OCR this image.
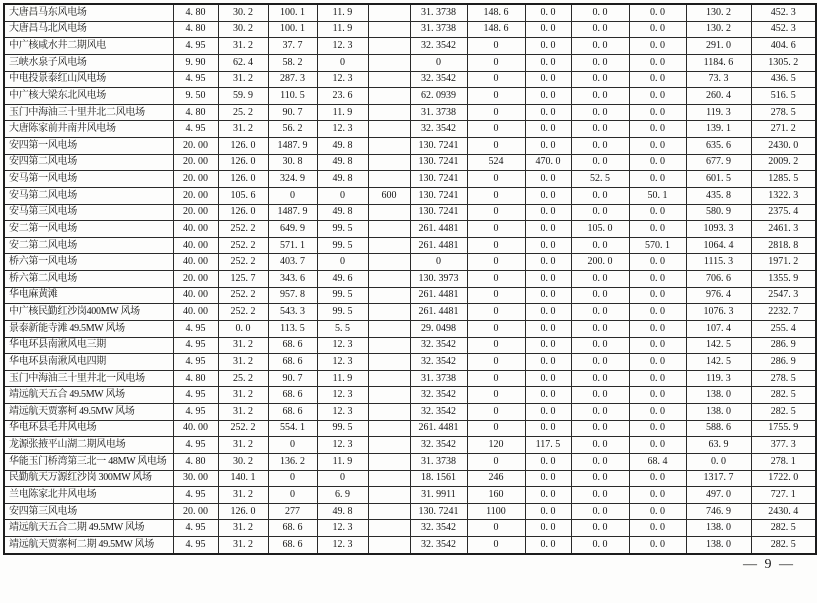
大唐昌马东风电场	4. 80	30. 2	100. 1	11. 9		31. 3738	148. 6	0. 0	0. 0	0. 0	130. 2	452. 3
大唐昌马北风电场	4. 80	30. 2	100. 1	11. 9		31. 3738	148. 6	0. 0	0. 0	0. 0	130. 2	452. 3
中广核咸水井二期风电	4. 95	31. 2	37. 7	12. 3		32. 3542	0	0. 0	0. 0	0. 0	291. 0	404. 6
三峡水泉子风电场	9. 90	62. 4	58. 2	0		0	0	0. 0	0. 0	0. 0	1184. 6	1305. 2
中电投景泰红山风电场	4. 95	31. 2	287. 3	12. 3		32. 3542	0	0. 0	0. 0	0. 0	73. 3	436. 5
中广核大梁东北风电场	9. 50	59. 9	110. 5	23. 6		62. 0939	0	0. 0	0. 0	0. 0	260. 4	516. 5
玉门中海油三十里井北二风电场	4. 80	25. 2	90. 7	11. 9		31. 3738	0	0. 0	0. 0	0. 0	119. 3	278. 5
大唐陈家前井南井风电场	4. 95	31. 2	56. 2	12. 3		32. 3542	0	0. 0	0. 0	0. 0	139. 1	271. 2
安四第一风电场	20. 00	126. 0	1487. 9	49. 8		130. 7241	0	0. 0	0. 0	0. 0	635. 6	2430. 0
安四第二风电场	20. 00	126. 0	30. 8	49. 8		130. 7241	524	470. 0	0. 0	0. 0	677. 9	2009. 2
安马第一风电场	20. 00	126. 0	324. 9	49. 8		130. 7241	0	0. 0	52. 5	0. 0	601. 5	1285. 5
安马第二风电场	20. 00	105. 6	0	0	600	130. 7241	0	0. 0	0. 0	50. 1	435. 8	1322. 3
安马第三风电场	20. 00	126. 0	1487. 9	49. 8		130. 7241	0	0. 0	0. 0	0. 0	580. 9	2375. 4
安二第一风电场	40. 00	252. 2	649. 9	99. 5		261. 4481	0	0. 0	105. 0	0. 0	1093. 3	2461. 3
安二第二风电场	40. 00	252. 2	571. 1	99. 5		261. 4481	0	0. 0	0. 0	570. 1	1064. 4	2818. 8
桥六第一风电场	40. 00	252. 2	403. 7	0		0	0	0. 0	200. 0	0. 0	1115. 3	1971. 2
桥六第二风电场	20. 00	125. 7	343. 6	49. 6		130. 3973	0	0. 0	0. 0	0. 0	706. 6	1355. 9
华电麻黄滩	40. 00	252. 2	957. 8	99. 5		261. 4481	0	0. 0	0. 0	0. 0	976. 4	2547. 3
中广核民勤红沙岗400MW 风场	40. 00	252. 2	543. 3	99. 5		261. 4481	0	0. 0	0. 0	0. 0	1076. 3	2232. 7
景泰新能寺滩 49.5MW 风场	4. 95	0. 0	113. 5	5. 5		29. 0498	0	0. 0	0. 0	0. 0	107. 4	255. 4
华电环县南湫风电三期	4. 95	31. 2	68. 6	12. 3		32. 3542	0	0. 0	0. 0	0. 0	142. 5	286. 9
华电环县南湫风电四期	4. 95	31. 2	68. 6	12. 3		32. 3542	0	0. 0	0. 0	0. 0	142. 5	286. 9
玉门中海油三十里井北一风电场	4. 80	25. 2	90. 7	11. 9		31. 3738	0	0. 0	0. 0	0. 0	119. 3	278. 5
靖远航天五合 49.5MW 风场	4. 95	31. 2	68. 6	12. 3		32. 3542	0	0. 0	0. 0	0. 0	138. 0	282. 5
靖远航天贾寨柯 49.5MW 风场	4. 95	31. 2	68. 6	12. 3		32. 3542	0	0. 0	0. 0	0. 0	138. 0	282. 5
华电环县毛井风电场	40. 00	252. 2	554. 1	99. 5		261. 4481	0	0. 0	0. 0	0. 0	588. 6	1755. 9
龙源张掖平山湖二期风电场	4. 95	31. 2	0	12. 3		32. 3542	120	117. 5	0. 0	0. 0	63. 9	377. 3
华能玉门桥湾第三北一 48MW 风电场	4. 80	30. 2	136. 2	11. 9		31. 3738	0	0. 0	0. 0	68. 4	0. 0	278. 1
民勤航天万源红沙岗 300MW 风场	30. 00	140. 1	0	0		18. 1561	246	0. 0	0. 0	0. 0	1317. 7	1722. 0
兰电陈家北井风电场	4. 95	31. 2	0	6. 9		31. 9911	160	0. 0	0. 0	0. 0	497. 0	727. 1
安四第三风电场	20. 00	126. 0	277	49. 8		130. 7241	1100	0. 0	0. 0	0. 0	746. 9	2430. 4
靖远航天五合二期 49.5MW 风场	4. 95	31. 2	68. 6	12. 3		32. 3542	0	0. 0	0. 0	0. 0	138. 0	282. 5
靖远航天贾寨柯二期 49.5MW 风场	4. 95	31. 2	68. 6	12. 3		32. 3542	0	0. 0	0. 0	0. 0	138. 0	282. 5
— 9 —
